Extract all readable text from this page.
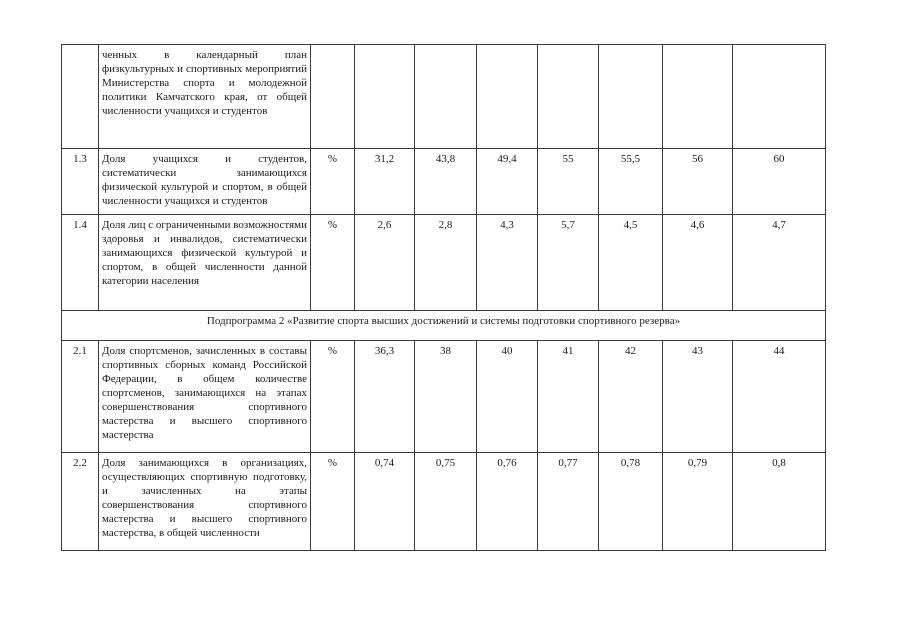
	ченных в календарный план физкультурных и спортивных мероприятий Министерства спорта и молодежной политики Камчатского края, от общей численности учащихся и студентов								
1.3	Доля учащихся и студентов, систематически занимающихся физической культурой и спортом, в общей численности учащихся и студентов	%	31,2	43,8	49,4	55	55,5	56	60
1.4	Доля лиц с ограниченными возможностями здоровья и инвалидов, систематически занимающихся физической культурой и спортом, в общей численности данной категории населения	%	2,6	2,8	4,3	5,7	4,5	4,6	4,7
Подпрограмма 2 «Развитие спорта высших достижений и системы подготовки спортивного резерва»									
2.1	Доля спортсменов, зачисленных в составы спортивных сборных команд Российской Федерации, в общем количестве спортсменов, занимающихся на этапах совершенствования спортивного мастерства и высшего спортивного мастерства	%	36,3	38	40	41	42	43	44
2.2	Доля занимающихся в организациях, осуществляющих спортивную подготовку, и зачисленных на этапы совершенствования спортивного мастерства и высшего спортивного мастерства, в общей численности	%	0,74	0,75	0,76	0,77	0,78	0,79	0,8
